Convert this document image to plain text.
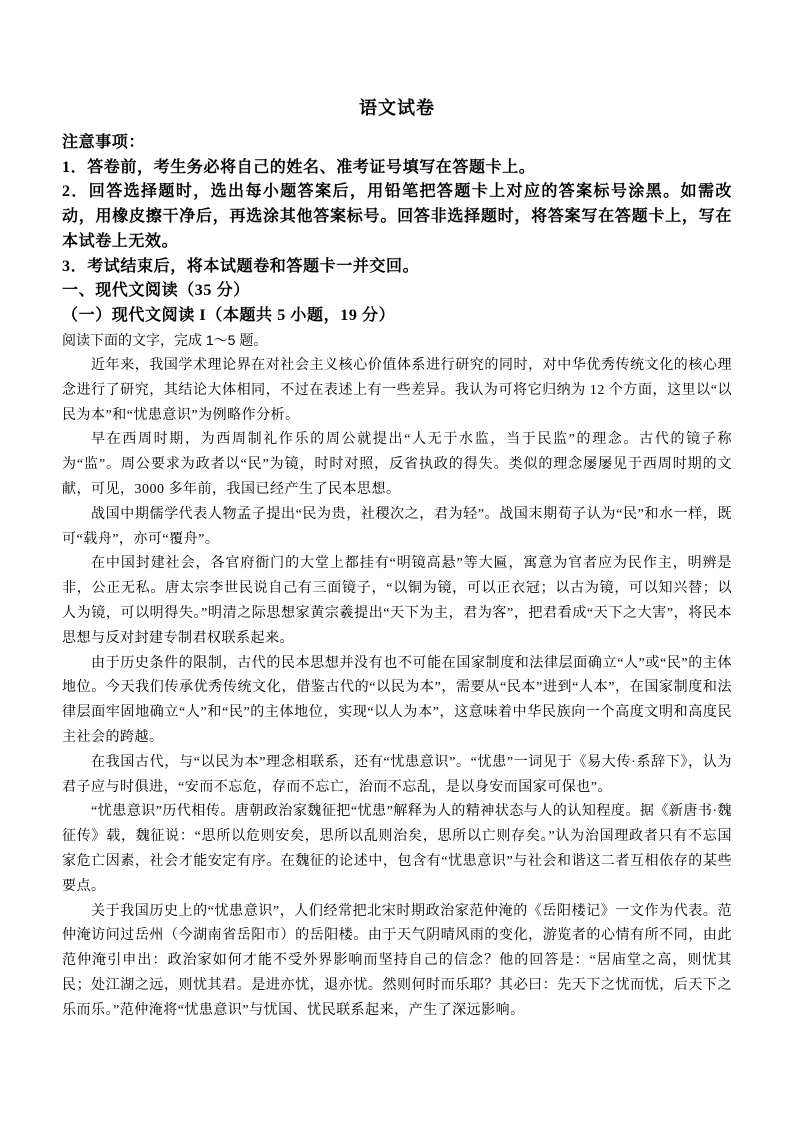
语文试卷

注意事项：

1．答卷前，考生务必将自己的姓名、准考证号填写在答题卡上。

2．回答选择题时，选出每小题答案后，用铅笔把答题卡上对应的答案标号涂黑。如需改动，用橡皮擦干净后，再选涂其他答案标号。回答非选择题时，将答案写在答题卡上，写在本试卷上无效。

3．考试结束后，将本试题卷和答题卡一并交回。

一、现代文阅读（35 分）

（一）现代文阅读 I（本题共 5 小题，19 分）

阅读下面的文字，完成 1～5 题。

近年来，我国学术理论界在对社会主义核心价值体系进行研究的同时，对中华优秀传统文化的核心理念进行了研究，其结论大体相同，不过在表述上有一些差异。我认为可将它归纳为 12 个方面，这里以“以民为本”和“忧患意识”为例略作分析。

早在西周时期，为西周制礼作乐的周公就提出“人无于水监，当于民监”的理念。古代的镜子称为“监”。周公要求为政者以“民”为镜，时时对照，反省执政的得失。类似的理念屡屡见于西周时期的文献，可见，3000 多年前，我国已经产生了民本思想。

战国中期儒学代表人物孟子提出“民为贵，社稷次之，君为轻”。战国末期荀子认为“民”和水一样，既可“载舟”，亦可“覆舟”。

在中国封建社会，各官府衙门的大堂上都挂有“明镜高悬”等大匾，寓意为官者应为民作主，明辨是非，公正无私。唐太宗李世民说自己有三面镜子，“以铜为镜，可以正衣冠；以古为镜，可以知兴替；以人为镜，可以明得失。”明清之际思想家黄宗羲提出“天下为主，君为客”，把君看成“天下之大害”，将民本思想与反对封建专制君权联系起来。

由于历史条件的限制，古代的民本思想并没有也不可能在国家制度和法律层面确立“人”或“民”的主体地位。今天我们传承优秀传统文化，借鉴古代的“以民为本”，需要从“民本”进到“人本”，在国家制度和法律层面牢固地确立“人”和“民”的主体地位，实现“以人为本”，这意味着中华民族向一个高度文明和高度民主社会的跨越。

在我国古代，与“以民为本”理念相联系，还有“忧患意识”。“忧患”一词见于《易大传·系辞下》，认为君子应与时俱进，“安而不忘危，存而不忘亡，治而不忘乱，是以身安而国家可保也”。

“忧患意识”历代相传。唐朝政治家魏征把“忧患”解释为人的精神状态与人的认知程度。据《新唐书·魏征传》载，魏征说：“思所以危则安矣，思所以乱则治矣，思所以亡则存矣。”认为治国理政者只有不忘国家危亡因素，社会才能安定有序。在魏征的论述中，包含有“忧患意识”与社会和谐这二者互相依存的某些要点。

关于我国历史上的“忧患意识”，人们经常把北宋时期政治家范仲淹的《岳阳楼记》一文作为代表。范仲淹访问过岳州（今湖南省岳阳市）的岳阳楼。由于天气阴晴风雨的变化，游览者的心情有所不同，由此范仲淹引申出：政治家如何才能不受外界影响而坚持自己的信念？他的回答是：“居庙堂之高，则忧其民；处江湖之远，则忧其君。是进亦忧，退亦忧。然则何时而乐耶？其必曰：先天下之忧而忧，后天下之乐而乐。”范仲淹将“忧患意识”与忧国、忧民联系起来，产生了深远影响。
